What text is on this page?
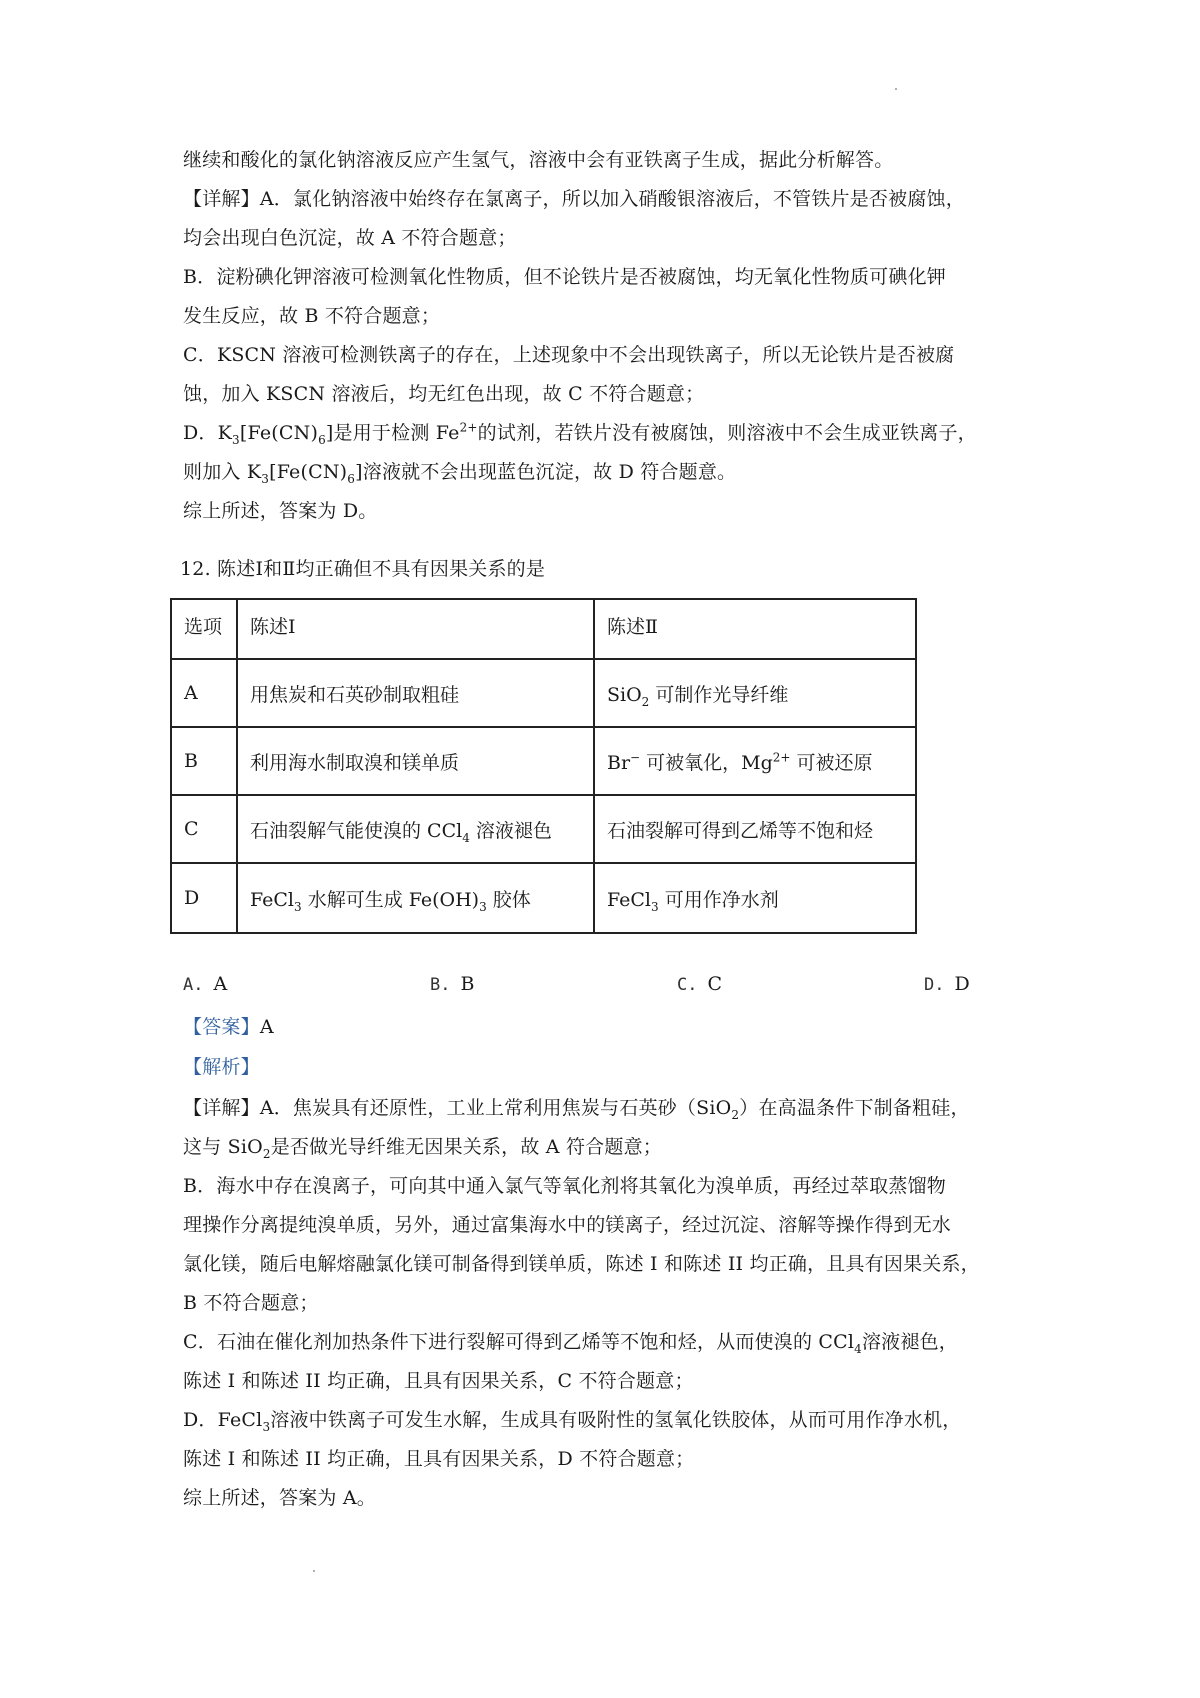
继续和酸化的氯化钠溶液反应产生氢气，溶液中会有亚铁离子生成，据此分析解答。
【详解】A．氯化钠溶液中始终存在氯离子，所以加入硝酸银溶液后，不管铁片是否被腐蚀，
均会出现白色沉淀，故 A 不符合题意；
B．淀粉碘化钾溶液可检测氧化性物质，但不论铁片是否被腐蚀，均无氧化性物质可碘化钾
发生反应，故 B 不符合题意；
C．KSCN 溶液可检测铁离子的存在，上述现象中不会出现铁离子，所以无论铁片是否被腐
蚀，加入 KSCN 溶液后，均无红色出现，故 C 不符合题意；
D．$K_3[Fe(CN)_6]$是用于检测 $Fe^{2+}$的试剂，若铁片没有被腐蚀，则溶液中不会生成亚铁离子，
则加入 $K_3[Fe(CN)_6]$溶液就不会出现蓝色沉淀，故 D 符合题意。
综上所述，答案为 D。
12. 陈述Ⅰ和Ⅱ均正确但不具有因果关系的是
选项	陈述Ⅰ	陈述Ⅱ
A	用焦炭和石英砂制取粗硅	SiO$_2$ 可制作光导纤维
B	利用海水制取溴和镁单质	Br− 可被氧化，$Mg^{2+}$ 可被还原
C	石油裂解气能使溴的 CCl$_4$ 溶液褪色	石油裂解可得到乙烯等不饱和烃
D	FeCl$_3$ 水解可生成 $Fe(OH)_3$ 胶体	FeCl$_3$ 可用作净水剂
A. A	B. B	C. C	D. D
【答案】A
【解析】
【详解】A．焦炭具有还原性，工业上常利用焦炭与石英砂（SiO$_2$）在高温条件下制备粗硅，
这与 SiO$_2$是否做光导纤维无因果关系，故 A 符合题意；
B．海水中存在溴离子，可向其中通入氯气等氧化剂将其氧化为溴单质，再经过萃取蒸馏物
理操作分离提纯溴单质，另外，通过富集海水中的镁离子，经过沉淀、溶解等操作得到无水
氯化镁，随后电解熔融氯化镁可制备得到镁单质，陈述 I 和陈述 II 均正确，且具有因果关系，
B 不符合题意；
C．石油在催化剂加热条件下进行裂解可得到乙烯等不饱和烃，从而使溴的 CCl$_4$溶液褪色，
陈述 I 和陈述 II 均正确，且具有因果关系，C 不符合题意；
D．FeCl$_3$溶液中铁离子可发生水解，生成具有吸附性的氢氧化铁胶体，从而可用作净水机，
陈述 I 和陈述 II 均正确，且具有因果关系，D 不符合题意；
综上所述，答案为 A。
